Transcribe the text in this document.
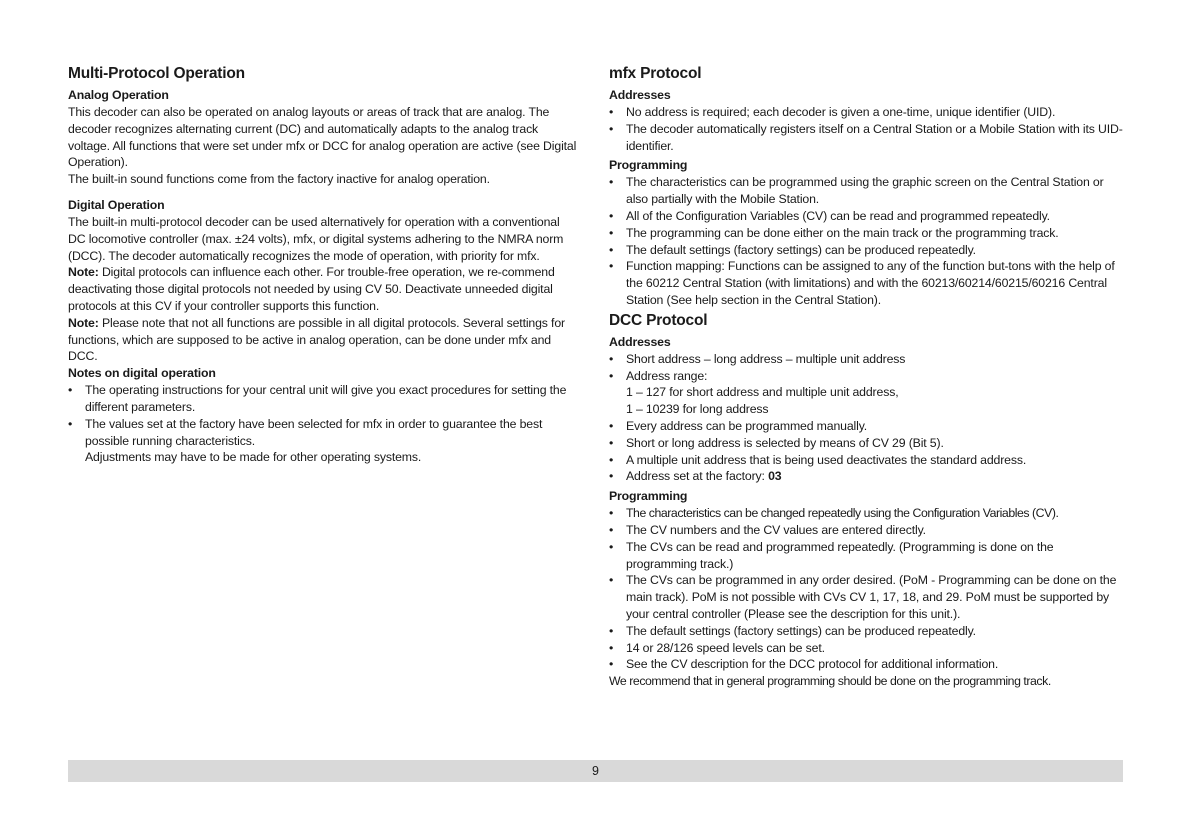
Multi-Protocol Operation
Analog Operation

This decoder can also be operated on analog layouts or areas of track that are analog. The decoder recognizes alternating current (DC) and automatically adapts to the analog track voltage. All functions that were set under mfx or DCC for analog operation are active (see Digital Operation).

The built-in sound functions come from the factory inactive for analog operation.

Digital Operation

The built-in multi-protocol decoder can be used alternatively for operation with a conventional DC locomotive controller (max. ±24 volts), mfx, or digital systems adhering to the NMRA norm (DCC). The decoder automatically recognizes the mode of operation, with priority for mfx.

Note: Digital protocols can influence each other. For trouble-free operation, we re-commend deactivating those digital protocols not needed by using CV 50. Deactivate unneeded digital protocols at this CV if your controller supports this function.

Note: Please note that not all functions are possible in all digital protocols. Several settings for functions, which are supposed to be active in analog operation, can be done under mfx and DCC.

Notes on digital operation
• The operating instructions for your central unit will give you exact procedures for setting the different parameters.
• The values set at the factory have been selected for mfx in order to guarantee the best possible running characteristics.
Adjustments may have to be made for other operating systems.
mfx Protocol
Addresses
• No address is required; each decoder is given a one-time, unique identifier (UID).
• The decoder automatically registers itself on a Central Station or a Mobile Station with its UID-identifier.
Programming
• The characteristics can be programmed using the graphic screen on the Central Station or also partially with the Mobile Station.
• All of the Configuration Variables (CV) can be read and programmed repeatedly.
• The programming can be done either on the main track or the programming track.
• The default settings (factory settings) can be produced repeatedly.
• Function mapping: Functions can be assigned to any of the function but-tons with the help of the 60212 Central Station (with limitations) and with the 60213/60214/60215/60216 Central Station (See help section in the Central Station).
DCC Protocol
Addresses
• Short address – long address – multiple unit address
• Address range:
1 – 127 for short address and multiple unit address,
1 – 10239 for long address
• Every address can be programmed manually.
• Short or long address is selected by means of CV 29 (Bit 5).
• A multiple unit address that is being used deactivates the standard address.
• Address set at the factory: 03
Programming
• The characteristics can be changed repeatedly using the Configuration Variables (CV).
• The CV numbers and the CV values are entered directly.
• The CVs can be read and programmed repeatedly. (Programming is done on the programming track.)
• The CVs can be programmed in any order desired. (PoM - Programming can be done on the main track). PoM is not possible with CVs CV 1, 17, 18, and 29. PoM must be supported by your central controller (Please see the description for this unit.).
• The default settings (factory settings) can be produced repeatedly.
• 14 or 28/126 speed levels can be set.
• See the CV description for the DCC protocol for additional information.

We recommend that in general programming should be done on the programming track.

9
